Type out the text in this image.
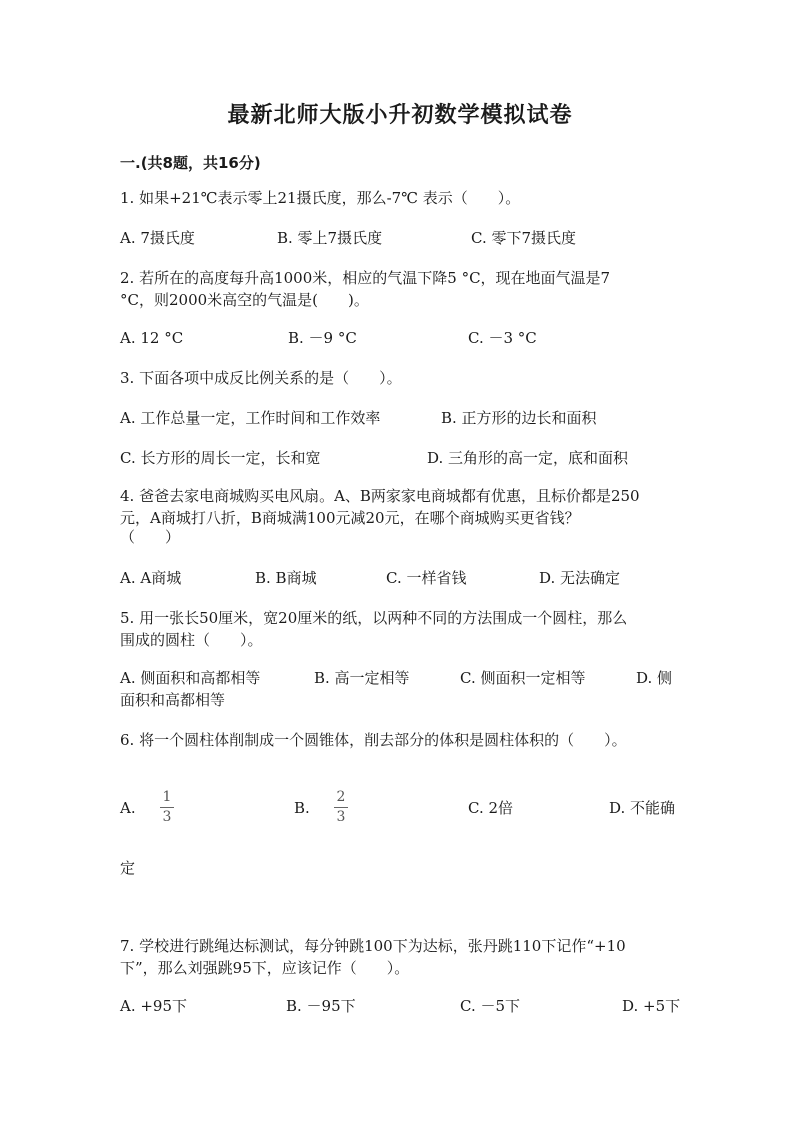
最新北师大版小升初数学模拟试卷
一.(共8题，共16分)
1. 如果+21℃表示零上21摄氏度，那么-7℃ 表示（　　）。
A. 7摄氏度	B. 零上7摄氏度	C. 零下7摄氏度
2. 若所在的高度每升高1000米，相应的气温下降5 °C，现在地面气温是7
°C，则2000米高空的气温是(　　)。
A. 12 °C	B. －9 °C	C. －3 °C
3. 下面各项中成反比例关系的是（　　）。
A. 工作总量一定，工作时间和工作效率	B. 正方形的边长和面积
C. 长方形的周长一定，长和宽	D. 三角形的高一定，底和面积
4. 爸爸去家电商城购买电风扇。A、B两家家电商城都有优惠，且标价都是250
元，A商城打八折，B商城满100元减20元，在哪个商城购买更省钱？
（　　）
A. A商城	B. B商城	C. 一样省钱	D. 无法确定
5. 用一张长50厘米，宽20厘米的纸，以两种不同的方法围成一个圆柱，那么
围成的圆柱（　　）。
A. 侧面积和高都相等	B. 高一定相等	C. 侧面积一定相等	D. 侧
面积和高都相等
6. 将一个圆柱体削制成一个圆锥体，削去部分的体积是圆柱体积的（　　）。
A.
1
3	B.
2
3	C. 2倍	D. 不能确
定
7. 学校进行跳绳达标测试，每分钟跳100下为达标，张丹跳110下记作“+10
下”，那么刘强跳95下，应该记作（　　）。
A. +95下	B. －95下	C. －5下	D. +5下
